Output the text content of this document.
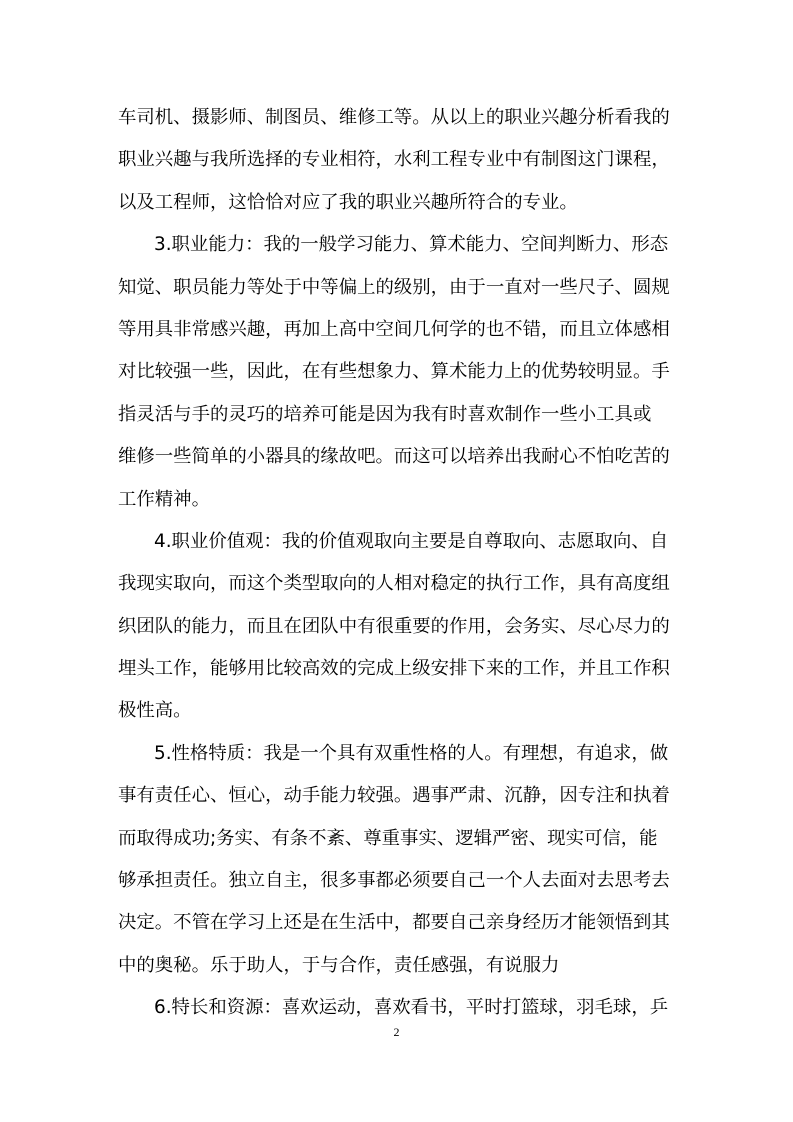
车司机、摄影师、制图员、维修工等。从以上的职业兴趣分析看我的
职业兴趣与我所选择的专业相符，水利工程专业中有制图这门课程，
以及工程师，这恰恰对应了我的职业兴趣所符合的专业。
3.职业能力：我的一般学习能力、算术能力、空间判断力、形态
知觉、职员能力等处于中等偏上的级别，由于一直对一些尺子、圆规
等用具非常感兴趣，再加上高中空间几何学的也不错，而且立体感相
对比较强一些，因此，在有些想象力、算术能力上的优势较明显。手
指灵活与手的灵巧的培养可能是因为我有时喜欢制作一些小工具或
维修一些简单的小器具的缘故吧。而这可以培养出我耐心不怕吃苦的
工作精神。
4.职业价值观：我的价值观取向主要是自尊取向、志愿取向、自
我现实取向，而这个类型取向的人相对稳定的执行工作，具有高度组
织团队的能力，而且在团队中有很重要的作用，会务实、尽心尽力的
埋头工作，能够用比较高效的完成上级安排下来的工作，并且工作积
极性高。
5.性格特质：我是一个具有双重性格的人。有理想，有追求，做
事有责任心、恒心，动手能力较强。遇事严肃、沉静，因专注和执着
而取得成功;务实、有条不紊、尊重事实、逻辑严密、现实可信，能
够承担责任。独立自主，很多事都必须要自己一个人去面对去思考去
决定。不管在学习上还是在生活中，都要自己亲身经历才能领悟到其
中的奥秘。乐于助人，于与合作，责任感强，有说服力
6.特长和资源：喜欢运动，喜欢看书，平时打篮球，羽毛球，乒
2
